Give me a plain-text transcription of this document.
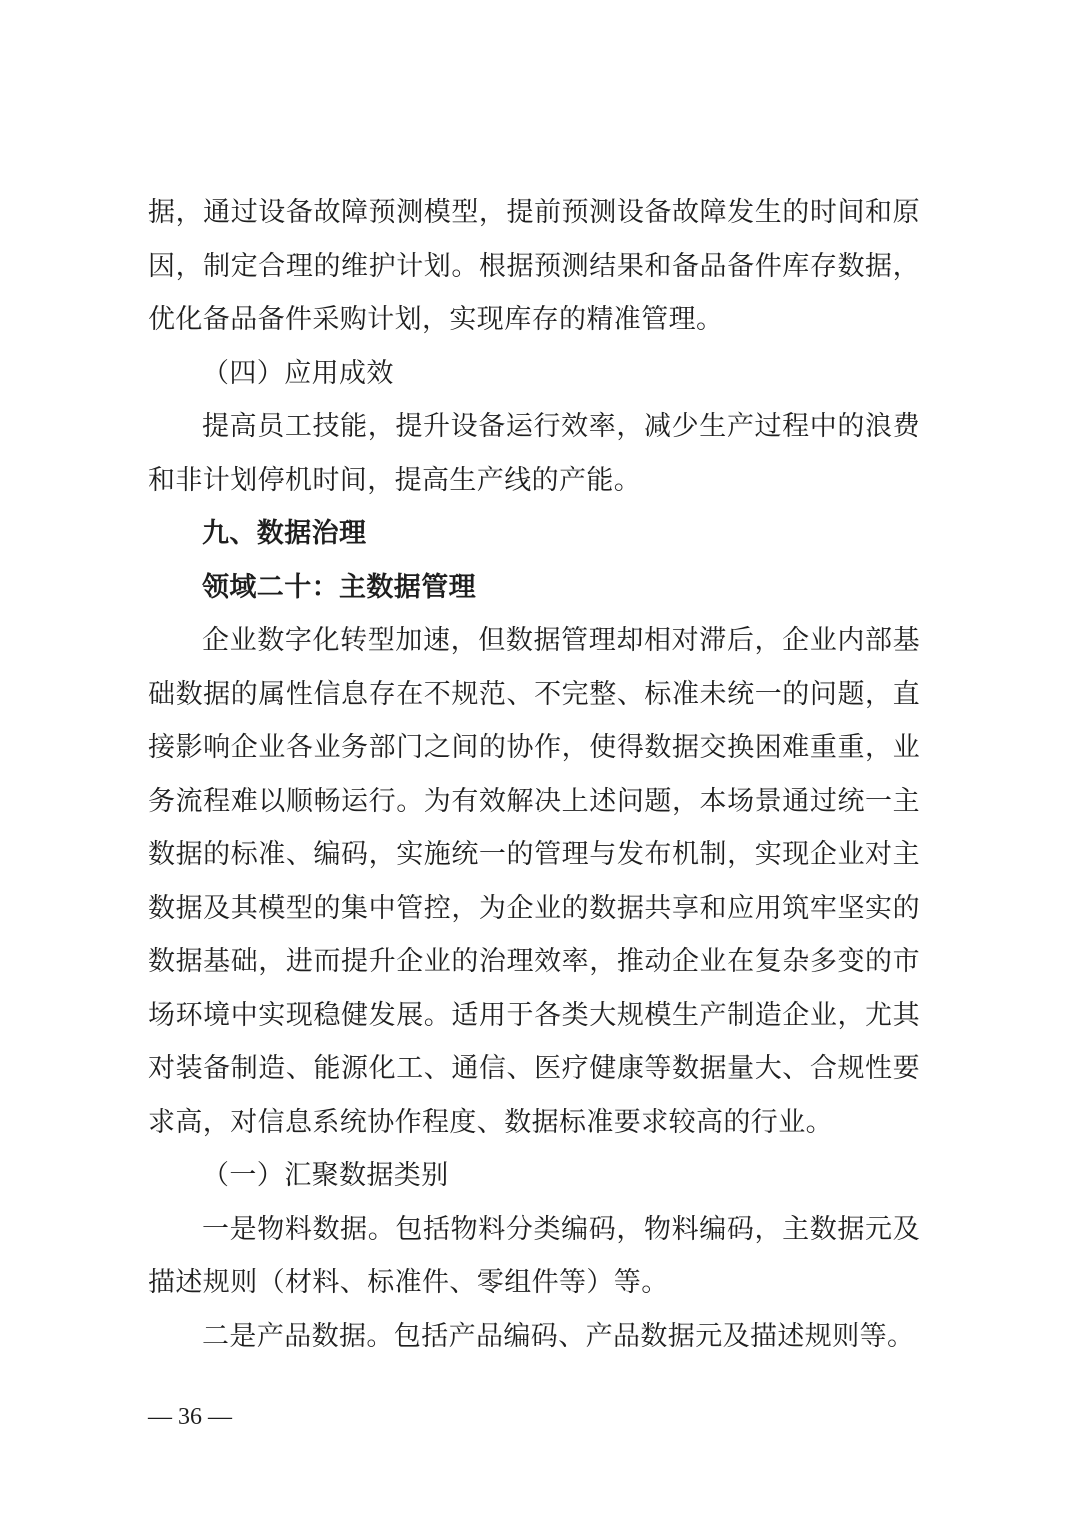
据，通过设备故障预测模型，提前预测设备故障发生的时间和原因，制定合理的维护计划。根据预测结果和备品备件库存数据，优化备品备件采购计划，实现库存的精准管理。

（四）应用成效

提高员工技能，提升设备运行效率，减少生产过程中的浪费和非计划停机时间，提高生产线的产能。

九、数据治理

领域二十：主数据管理

企业数字化转型加速，但数据管理却相对滞后，企业内部基础数据的属性信息存在不规范、不完整、标准未统一的问题，直接影响企业各业务部门之间的协作，使得数据交换困难重重，业务流程难以顺畅运行。为有效解决上述问题，本场景通过统一主数据的标准、编码，实施统一的管理与发布机制，实现企业对主数据及其模型的集中管控，为企业的数据共享和应用筑牢坚实的数据基础，进而提升企业的治理效率，推动企业在复杂多变的市场环境中实现稳健发展。适用于各类大规模生产制造企业，尤其对装备制造、能源化工、通信、医疗健康等数据量大、合规性要求高，对信息系统协作程度、数据标准要求较高的行业。

（一）汇聚数据类别

一是物料数据。包括物料分类编码，物料编码，主数据元及描述规则（材料、标准件、零组件等）等。

二是产品数据。包括产品编码、产品数据元及描述规则等。

— 36 —
